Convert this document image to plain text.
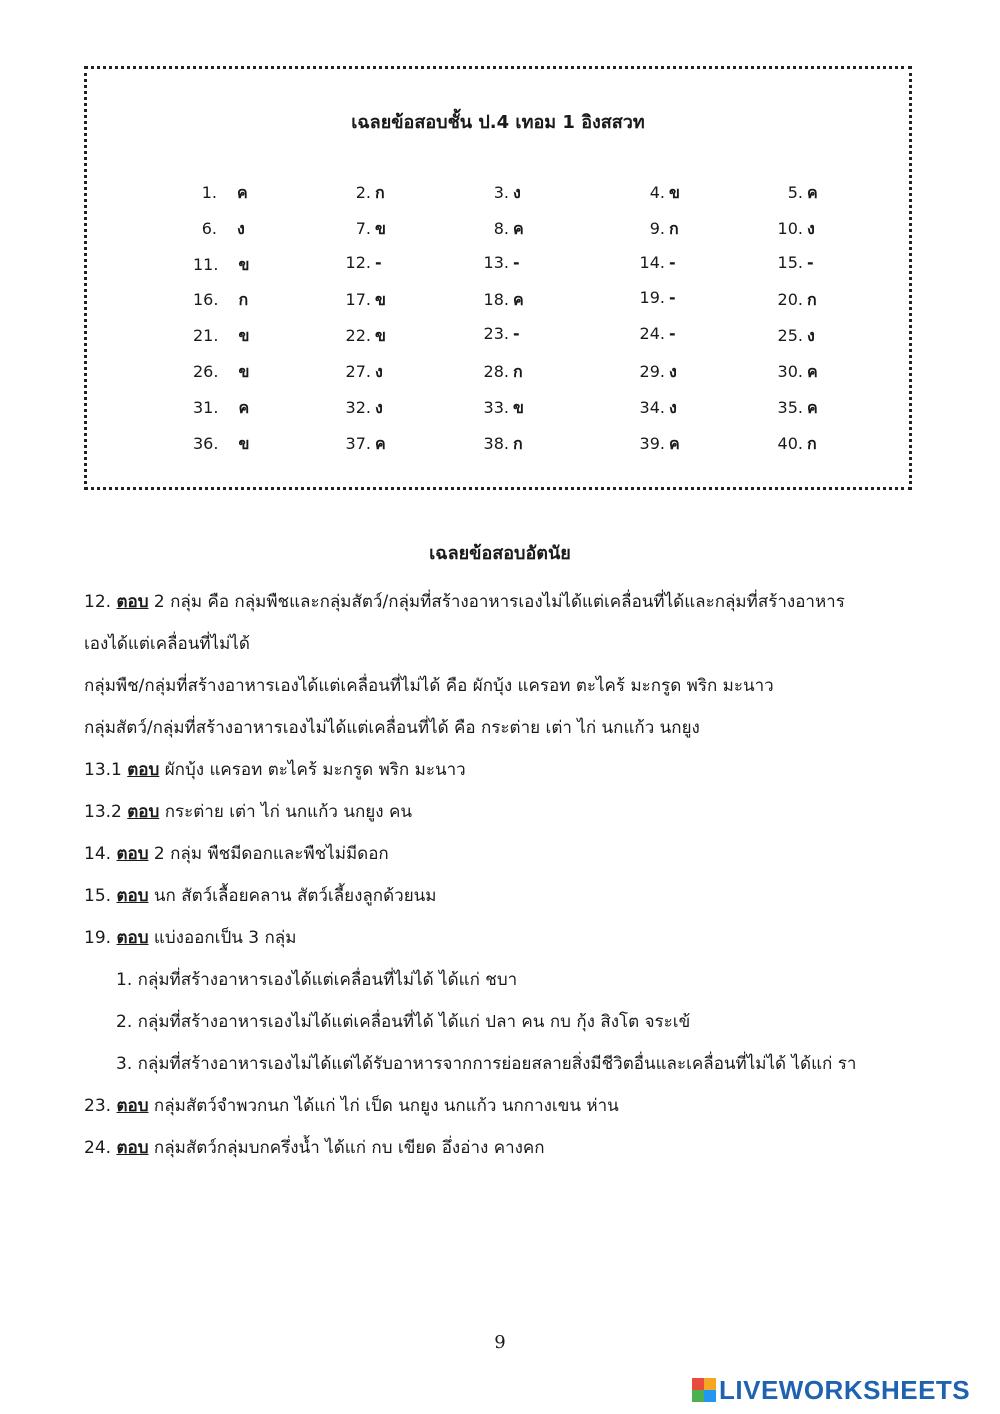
เฉลยข้อสอบชั้น ป.4 เทอม 1 อิงสสวท
1. ค	2. ก	3. ง	4. ข	5. ค
6. ง	7. ข	8. ค	9. ก	10. ง
11. ข	12. -	13. -	14. -	15. -
16. ก	17. ข	18. ค	19. -	20. ก
21. ข	22. ข	23. -	24. -	25. ง
26. ข	27. ง	28. ก	29. ง	30. ค
31. ค	32. ง	33. ข	34. ง	35. ค
36. ข	37. ค	38. ก	39. ค	40. ก
เฉลยข้อสอบอัตนัย
12. ตอบ 2 กลุ่ม คือ กลุ่มพืชและกลุ่มสัตว์/กลุ่มที่สร้างอาหารเองไม่ได้แต่เคลื่อนที่ได้และกลุ่มที่สร้างอาหาร
เองได้แต่เคลื่อนที่ไม่ได้
กลุ่มพืช/กลุ่มที่สร้างอาหารเองได้แต่เคลื่อนที่ไม่ได้ คือ ผักบุ้ง แครอท ตะไคร้ มะกรูด พริก มะนาว
กลุ่มสัตว์/กลุ่มที่สร้างอาหารเองไม่ได้แต่เคลื่อนที่ได้ คือ กระต่าย เต่า ไก่ นกแก้ว นกยูง
13.1 ตอบ ผักบุ้ง แครอท ตะไคร้ มะกรูด พริก มะนาว
13.2 ตอบ กระต่าย เต่า ไก่ นกแก้ว นกยูง คน
14. ตอบ 2 กลุ่ม พืชมีดอกและพืชไม่มีดอก
15. ตอบ นก สัตว์เลื้อยคลาน สัตว์เลี้ยงลูกด้วยนม
19. ตอบ แบ่งออกเป็น 3 กลุ่ม
1. กลุ่มที่สร้างอาหารเองได้แต่เคลื่อนที่ไม่ได้ ได้แก่ ชบา
2. กลุ่มที่สร้างอาหารเองไม่ได้แต่เคลื่อนที่ได้ ได้แก่ ปลา คน กบ กุ้ง สิงโต จระเข้
3. กลุ่มที่สร้างอาหารเองไม่ได้แต่ได้รับอาหารจากการย่อยสลายสิ่งมีชีวิตอื่นและเคลื่อนที่ไม่ได้ ได้แก่ รา
23. ตอบ กลุ่มสัตว์จำพวกนก ได้แก่ ไก่ เป็ด นกยูง นกแก้ว นกกางเขน ห่าน
24. ตอบ กลุ่มสัตว์กลุ่มบกครึ่งน้ำ ได้แก่ กบ เขียด อึ่งอ่าง คางคก
9
LIVEWORKSHEETS
